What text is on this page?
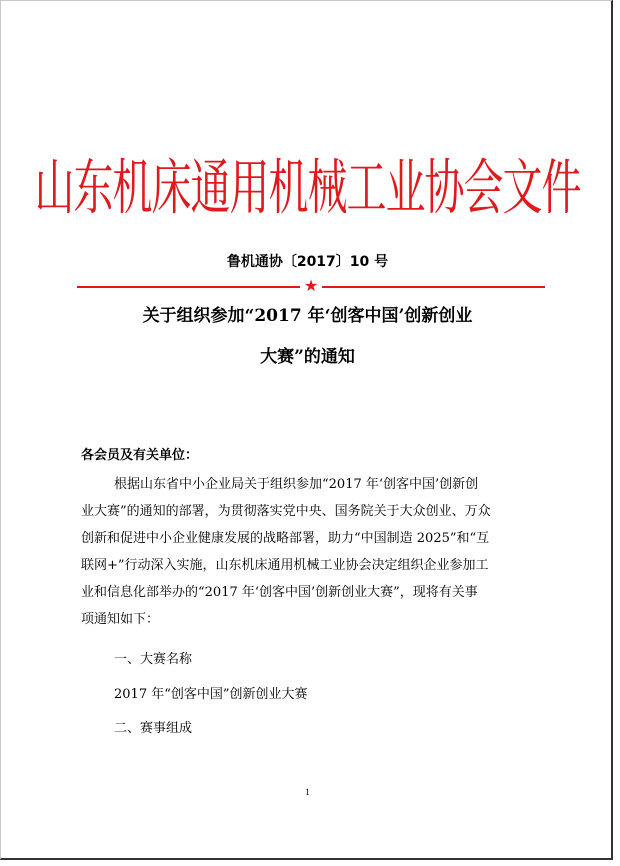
山东机床通用机械工业协会文件
鲁机通协〔2017〕10 号
★
关于组织参加“2017 年‘创客中国’创新创业
大赛”的通知
各会员及有关单位：
根据山东省中小企业局关于组织参加“2017 年‘创客中国’创新创
业大赛”的通知的部署，为贯彻落实党中央、国务院关于大众创业、万众
创新和促进中小企业健康发展的战略部署，助力“中国制造 2025”和“互
联网+”行动深入实施，山东机床通用机械工业协会决定组织企业参加工
业和信息化部举办的“2017 年‘创客中国’创新创业大赛”，现将有关事
项通知如下：
一、大赛名称
2017 年“创客中国”创新创业大赛
二、赛事组成
1
